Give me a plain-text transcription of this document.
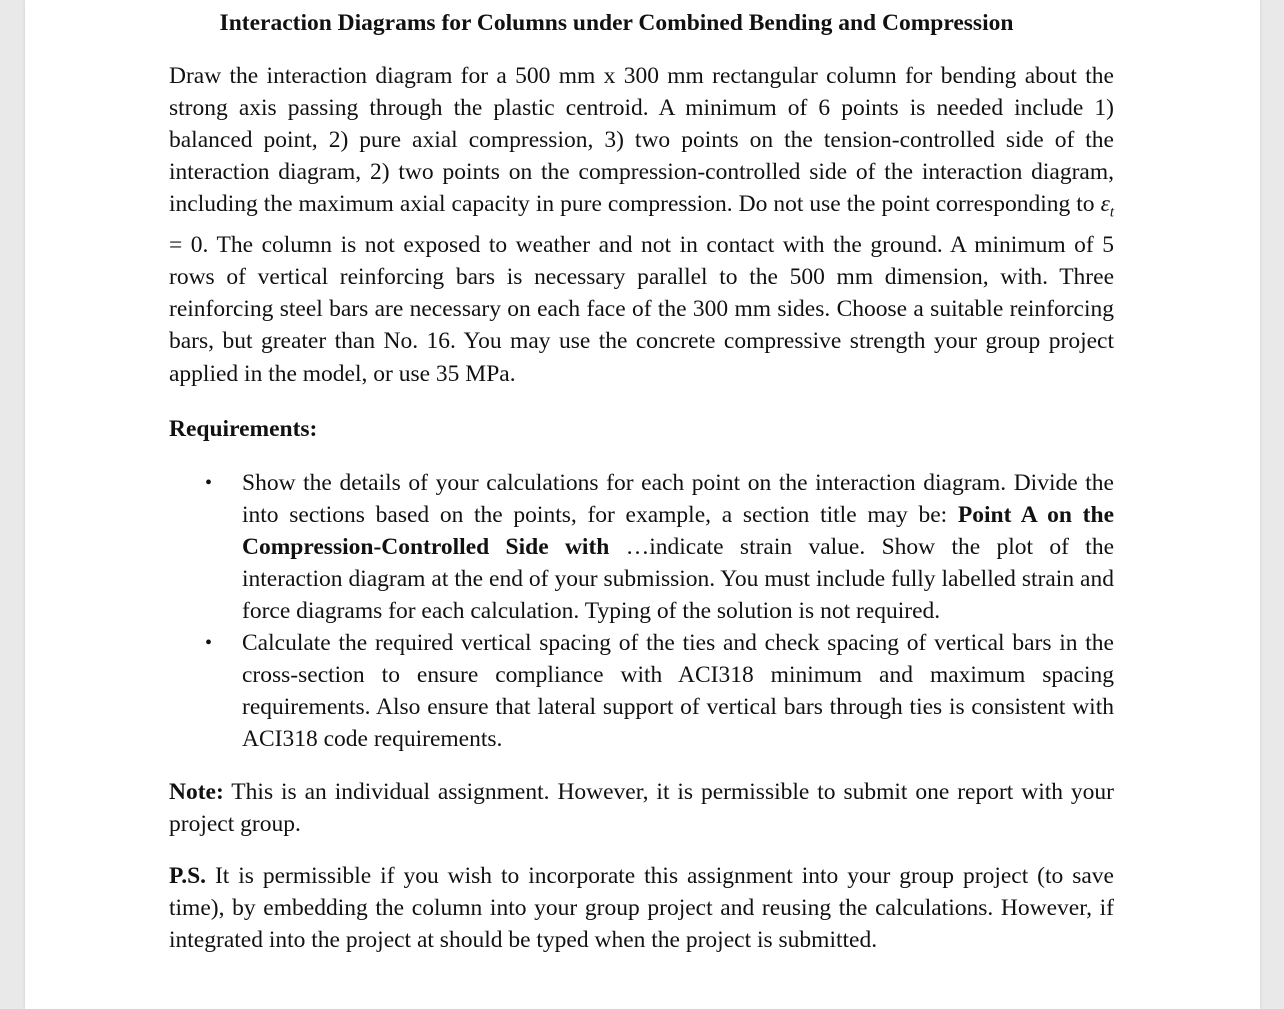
Interaction Diagrams for Columns under Combined Bending and Compression

Draw the interaction diagram for a 500 mm x 300 mm rectangular column for bending about the strong axis passing through the plastic centroid. A minimum of 6 points is needed include 1) balanced point, 2) pure axial compression, 3) two points on the tension-controlled side of the interaction diagram, 2) two points on the compression-controlled side of the interaction diagram, including the maximum axial capacity in pure compression. Do not use the point corresponding to $\varepsilon_t = 0$. The column is not exposed to weather and not in contact with the ground. A minimum of 5 rows of vertical reinforcing bars is necessary parallel to the 500 mm dimension, with. Three reinforcing steel bars are necessary on each face of the 300 mm sides. Choose a suitable reinforcing bars, but greater than No. 16. You may use the concrete compressive strength your group project applied in the model, or use 35 MPa.

Requirements:

• Show the details of your calculations for each point on the interaction diagram. Divide the into sections based on the points, for example, a section title may be: Point A on the Compression-Controlled Side with …indicate strain value. Show the plot of the interaction diagram at the end of your submission. You must include fully labelled strain and force diagrams for each calculation. Typing of the solution is not required.
• Calculate the required vertical spacing of the ties and check spacing of vertical bars in the cross-section to ensure compliance with ACI318 minimum and maximum spacing requirements. Also ensure that lateral support of vertical bars through ties is consistent with ACI318 code requirements.

Note: This is an individual assignment. However, it is permissible to submit one report with your project group.

P.S. It is permissible if you wish to incorporate this assignment into your group project (to save time), by embedding the column into your group project and reusing the calculations. However, if integrated into the project at should be typed when the project is submitted.
